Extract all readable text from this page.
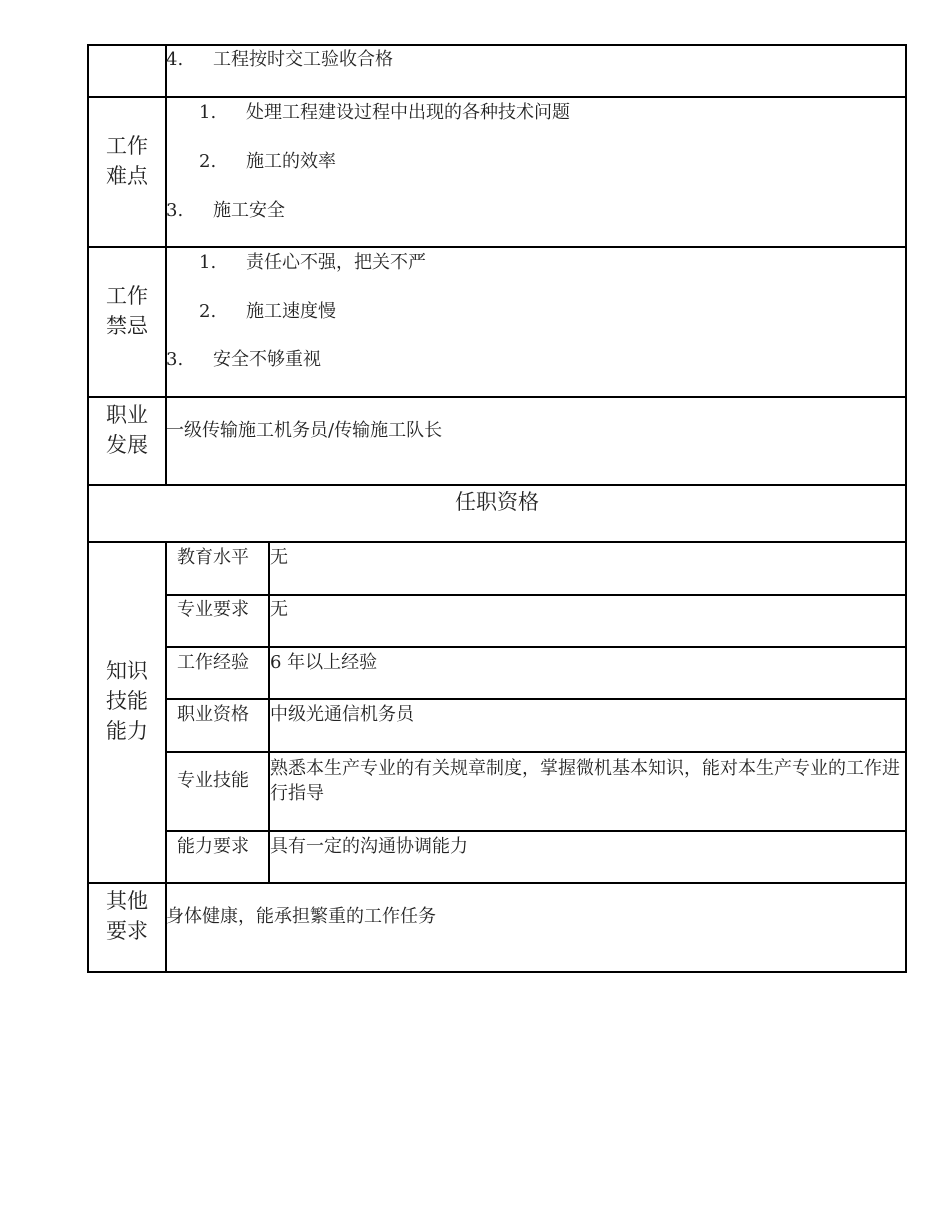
4. 工程按时交工验收合格
工作
难点
1. 处理工程建设过程中出现的各种技术问题
2. 施工的效率
3. 施工安全
工作
禁忌
1. 责任心不强，把关不严
2. 施工速度慢
3. 安全不够重视
职业
发展
一级传输施工机务员/传输施工队长
任职资格
知识
技能
能力
教育水平 无
专业要求 无
工作经验 6 年以上经验
职业资格 中级光通信机务员
专业技能
熟悉本生产专业的有关规章制度，掌握微机基本知识，能对本生产专业的工作进行指导
能力要求 具有一定的沟通协调能力
其他
要求
身体健康，能承担繁重的工作任务
